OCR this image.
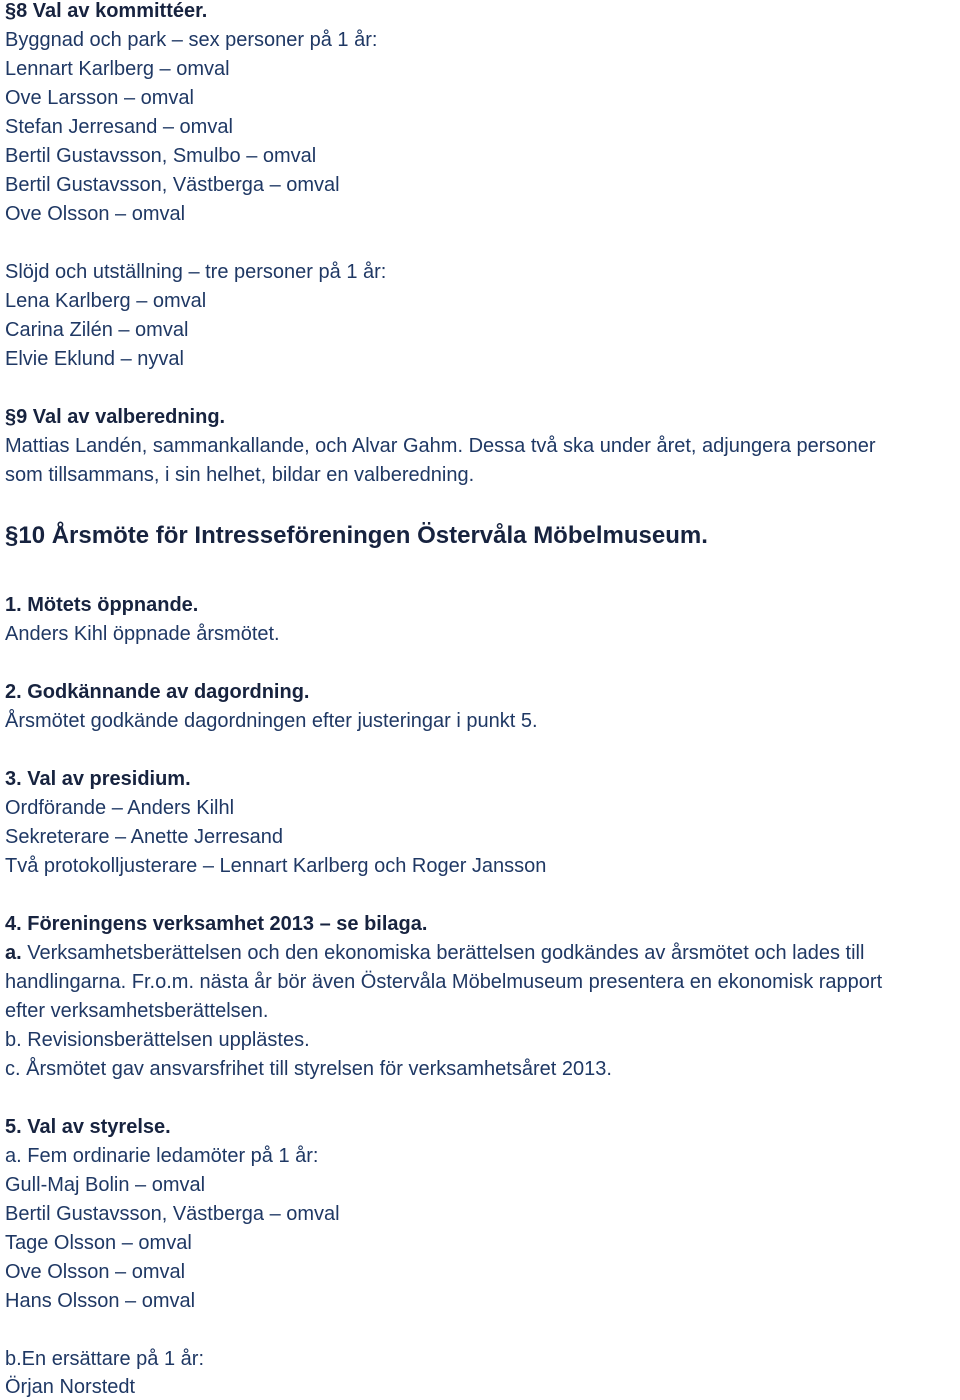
§8 Val av kommittéer.
Byggnad och park – sex personer på 1 år:
Lennart Karlberg – omval
Ove Larsson – omval
Stefan Jerresand – omval
Bertil Gustavsson, Smulbo – omval
Bertil Gustavsson, Västberga – omval
Ove Olsson – omval
Slöjd och utställning – tre personer på 1 år:
Lena Karlberg – omval
Carina Zilén – omval
Elvie Eklund – nyval
§9 Val av valberedning.
Mattias Landén, sammankallande, och Alvar Gahm. Dessa två ska under året, adjungera personer
som tillsammans, i sin helhet, bildar en valberedning.
§10 Årsmöte för Intresseföreningen Östervåla Möbelmuseum.
1. Mötets öppnande.
Anders Kihl öppnade årsmötet.
2. Godkännande av dagordning.
Årsmötet godkände dagordningen efter justeringar i punkt 5.
3. Val av presidium.
Ordförande – Anders Kilhl
Sekreterare – Anette Jerresand
Två protokolljusterare – Lennart Karlberg och Roger Jansson
4. Föreningens verksamhet 2013 – se bilaga.
a. Verksamhetsberättelsen och den ekonomiska berättelsen godkändes av årsmötet och lades till
handlingarna. Fr.o.m. nästa år bör även Östervåla Möbelmuseum presentera en ekonomisk rapport
efter verksamhetsberättelsen.
b. Revisionsberättelsen upplästes.
c. Årsmötet gav ansvarsfrihet till styrelsen för verksamhetsåret 2013.
5. Val av styrelse.
a. Fem ordinarie ledamöter på 1 år:
Gull-Maj Bolin – omval
Bertil Gustavsson, Västberga – omval
Tage Olsson – omval
Ove Olsson – omval
Hans Olsson – omval
b.En ersättare på 1 år:
Örjan Norstedt
